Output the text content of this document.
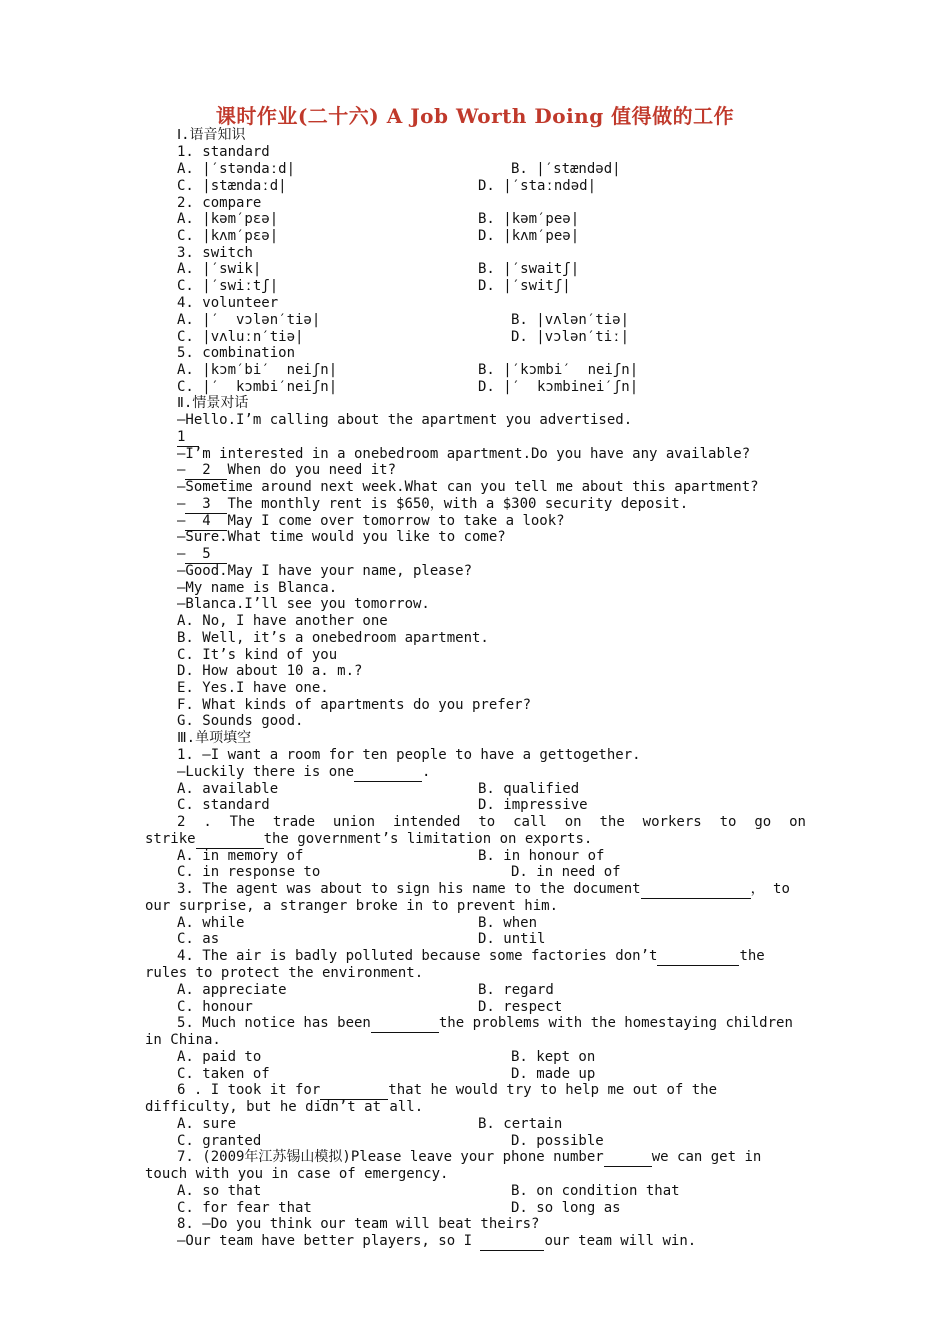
课时作业(二十六) A Job Worth Doing 值得做的工作
Ⅰ.语音知识
1. standard
A. |′stəndaːd|	B. |′stændəd|
C. |stændaːd|	D. |′staːndəd|
2. compare
A. |kəm′pεə|	B. |kəm′peə|
C. |kʌm′pεə|	D. |kʌm′peə|
3. switch
A. |′swik|	B. |′swaitʃ|
C. |′swiːtʃ|	D. |′switʃ|
4. volunteer
A. |′  vɔlən′tiə|	B. |vʌlən′tiə|
C. |vʌluːn′tiə|	D. |vɔlən′tiː|
5. combination
A. |kɔm′bi′  neiʃn|	B. |′kɔmbi′  neiʃn|
C. |′  kɔmbi′neiʃn|	D. |′  kɔmbinei′ʃn|
Ⅱ.情景对话
—Hello.I’m calling about the apartment you advertised.
1
—I’m interested in a onebedroom apartment.Do you have any available?
— 2 When do you need it?
—Sometime around next week.What can you tell me about this apartment?
— 3 The monthly rent is $650，with a $300 security deposit.
— 4 May I come over tomorrow to take a look?
—Sure.What time would you like to come?
— 5
—Good.May I have your name, please?
—My name is Blanca.
—Blanca.I’ll see you tomorrow.
A. No, I have another one
B. Well, it’s a onebedroom apartment.
C. It’s kind of you
D. How about 10 a. m.?
E. Yes.I have one.
F. What kinds of apartments do you prefer?
G. Sounds good.
Ⅲ.单项填空
1. —I want a room for ten people to have a gettogether.
—Luckily there is one	.
A. available	B. qualified
C. standard	D. impressive
2 . The trade union intended to call on the workers to go on
strike	the government’s limitation on exports.
A. in memory of	B. in honour of
C. in response to	D. in need of
3. The agent was about to sign his name to the document	， to
our surprise, a stranger broke in to prevent him.
A. while	B. when
C. as	D. until
4. The air is badly polluted because some factories don’t	the
rules to protect the environment.
A. appreciate	B. regard
C. honour	D. respect
5. Much notice has been	the problems with the homestaying children
in China.
A. paid to	B. kept on
C. taken of	D. made up
6 . I took it for	that he would try to help me out of the
difficulty, but he didn’t at all.
A. sure	B. certain
C. granted	D. possible
7. (2009年江苏锡山模拟)Please leave your phone number	we can get in
touch with you in case of emergency.
A. so that	B. on condition that
C. for fear that	D. so long as
8. —Do you think our team will beat theirs?
—Our team have better players, so I	our team will win.
